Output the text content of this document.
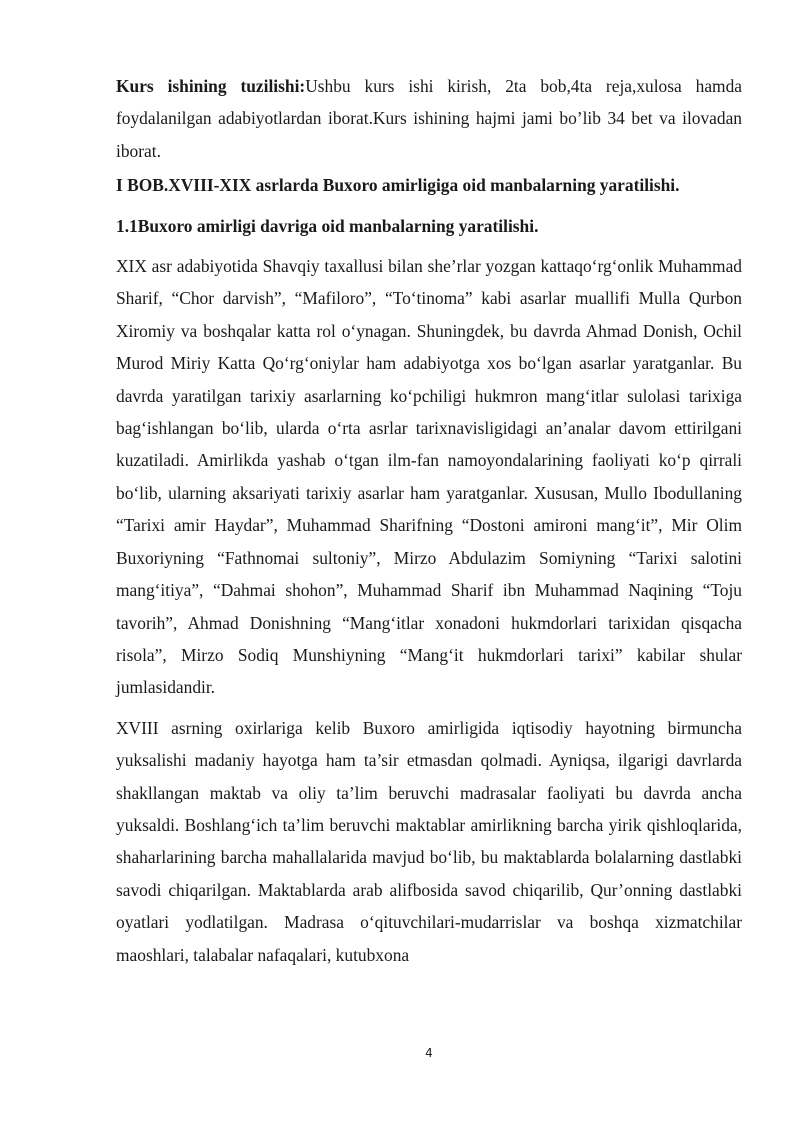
Kurs ishining tuzilishi:Ushbu kurs ishi kirish, 2ta bob,4ta reja,xulosa hamda foydalanilgan adabiyotlardan iborat.Kurs ishining hajmi jami bo’lib 34 bet va ilovadan iborat.

I BOB.XVIII-XIX asrlarda Buxoro amirligiga oid manbalarning yaratilishi.

1.1Buxoro amirligi davriga oid manbalarning yaratilishi.

XIX asr adabiyotida Shavqiy taxallusi bilan she’rlar yozgan kattaqo‘rg‘onlik Muhammad Sharif, “Chor darvish”, “Mafiloro”, “To‘tinoma” kabi asarlar muallifi Mulla Qurbon Xiromiy va boshqalar katta rol o‘ynagan. Shuningdek, bu davrda Ahmad Donish, Ochil Murod Miriy Katta Qo‘rg‘oniylar ham adabiyotga xos bo‘lgan asarlar yaratganlar. Bu davrda yaratilgan tarixiy asarlarning ko‘pchiligi hukmron mang‘itlar sulolasi tarixiga bag‘ishlangan bo‘lib, ularda o‘rta asrlar tarixnavisligidagi an’analar davom ettirilgani kuzatiladi. Amirlikda yashab o‘tgan ilm-fan namoyondalarining faoliyati ko‘p qirrali bo‘lib, ularning aksariyati tarixiy asarlar ham yaratganlar. Xususan, Mullo Ibodullaning “Tarixi amir Haydar”, Muhammad Sharifning “Dostoni amironi mang‘it”, Mir Olim Buxoriyning “Fathnomai sultoniy”, Mirzo Abdulazim Somiyning “Tarixi salotini mang‘itiya”, “Dahmai shohon”, Muhammad Sharif ibn Muhammad Naqining “Toju tavorih”, Ahmad Donishning “Mang‘itlar xonadoni hukmdorlari tarixidan qisqacha risola”, Mirzo Sodiq Munshiyning “Mang‘it hukmdorlari tarixi” kabilar shular jumlasidandir.

XVIII asrning oxirlariga kelib Buxoro amirligida iqtisodiy hayotning birmuncha yuksalishi madaniy hayotga ham ta’sir etmasdan qolmadi. Ayniqsa, ilgarigi davrlarda shakllangan maktab va oliy ta’lim beruvchi madrasalar faoliyati bu davrda ancha yuksaldi. Boshlang‘ich ta’lim beruvchi maktablar amirlikning barcha yirik qishloqlarida, shaharlarining barcha mahallalarida mavjud bo‘lib, bu maktablarda bolalarning dastlabki savodi chiqarilgan. Maktablarda arab alifbosida savod chiqarilib, Qur’onning dastlabki oyatlari yodlatilgan. Madrasa o‘qituvchilari-mudarrislar va boshqa xizmatchilar maoshlari, talabalar nafaqalari, kutubxona

4
